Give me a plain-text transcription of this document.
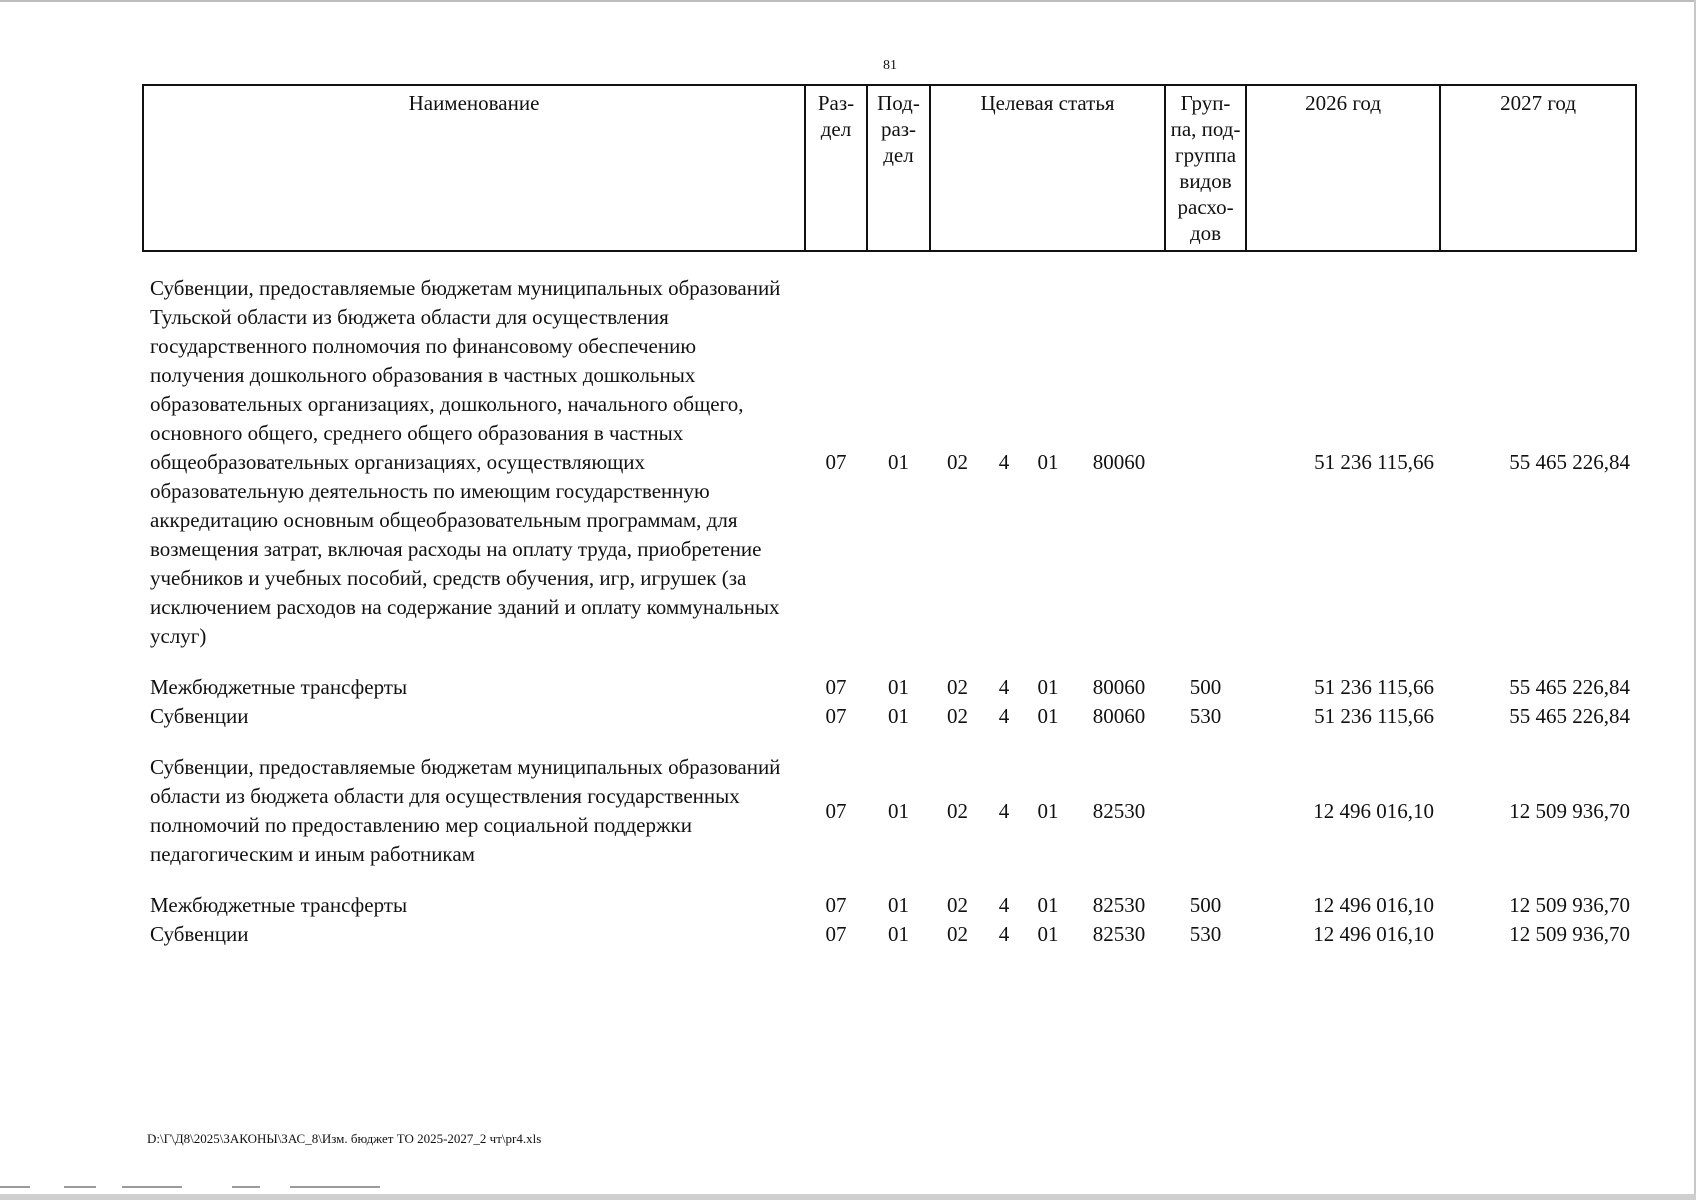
81
Наименование	Раз-дел	Под-раз-дел	Целевая статья				Груп-па, под-группа видов расхо-дов	2026 год	2027 год

Субвенции, предоставляемые бюджетам муниципальных образований Тульской области из бюджета области для осуществления государственного полномочия по финансовому обеспечению получения дошкольного образования в частных дошкольных образовательных организациях, дошкольного, начального общего, основного общего, среднего общего образования в частных общеобразовательных организациях, осуществляющих образовательную деятельность по имеющим государственную аккредитацию основным общеобразовательным программам, для возмещения затрат, включая расходы на оплату труда, приобретение учебников и учебных пособий, средств обучения, игр, игрушек (за исключением расходов на содержание зданий и оплату коммунальных услуг)	07	01	02	4	01	80060		51 236 115,66	55 465 226,84

Межбюджетные трансферты	07	01	02	4	01	80060	500	51 236 115,66	55 465 226,84
Субвенции	07	01	02	4	01	80060	530	51 236 115,66	55 465 226,84

Субвенции, предоставляемые бюджетам муниципальных образований области из бюджета области для осуществления государственных полномочий по предоставлению мер социальной поддержки педагогическим и иным работникам	07	01	02	4	01	82530		12 496 016,10	12 509 936,70

Межбюджетные трансферты	07	01	02	4	01	82530	500	12 496 016,10	12 509 936,70
Субвенции	07	01	02	4	01	82530	530	12 496 016,10	12 509 936,70
D:\Г\Д8\2025\ЗАКОНЫ\ЗАС_8\Изм. бюджет ТО 2025-2027_2 чт\pr4.xls
